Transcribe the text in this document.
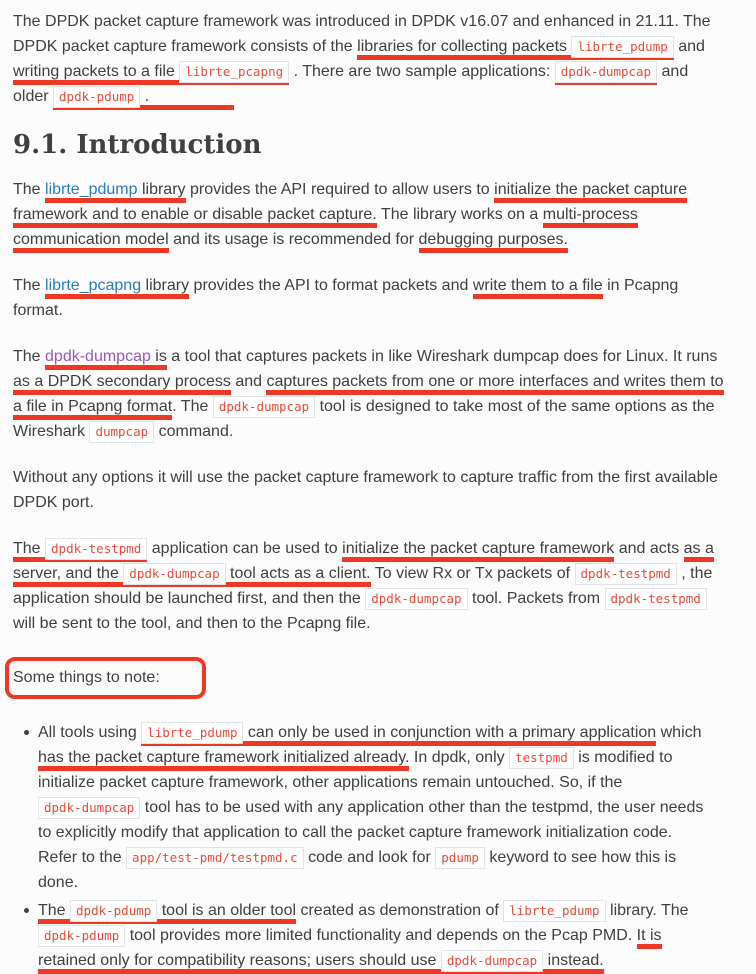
The DPDK packet capture framework was introduced in DPDK v16.07 and enhanced in 21.11. The DPDK packet capture framework consists of the libraries for collecting packets librte_pdump and writing packets to a file librte_pcapng . There are two sample applications: dpdk-dumpcap and older dpdk-pdump .

9.1. Introduction

The librte_pdump library provides the API required to allow users to initialize the packet capture framework and to enable or disable packet capture. The library works on a multi-process communication model and its usage is recommended for debugging purposes.

The librte_pcapng library provides the API to format packets and write them to a file in Pcapng format.

The dpdk-dumpcap is a tool that captures packets in like Wireshark dumpcap does for Linux. It runs as a DPDK secondary process and captures packets from one or more interfaces and writes them to a file in Pcapng format. The dpdk-dumpcap tool is designed to take most of the same options as the Wireshark dumpcap command.

Without any options it will use the packet capture framework to capture traffic from the first available DPDK port.

The dpdk-testpmd application can be used to initialize the packet capture framework and acts as a server, and the dpdk-dumpcap tool acts as a client. To view Rx or Tx packets of dpdk-testpmd , the application should be launched first, and then the dpdk-dumpcap tool. Packets from dpdk-testpmd will be sent to the tool, and then to the Pcapng file.

Some things to note:

All tools using librte_pdump can only be used in conjunction with a primary application which has the packet capture framework initialized already. In dpdk, only testpmd is modified to initialize packet capture framework, other applications remain untouched. So, if the dpdk-dumpcap tool has to be used with any application other than the testpmd, the user needs to explicitly modify that application to call the packet capture framework initialization code. Refer to the app/test-pmd/testpmd.c code and look for pdump keyword to see how this is done.
The dpdk-pdump tool is an older tool created as demonstration of librte_pdump library. The dpdk-pdump tool provides more limited functionality and depends on the Pcap PMD. It is retained only for compatibility reasons; users should use dpdk-dumpcap instead.
